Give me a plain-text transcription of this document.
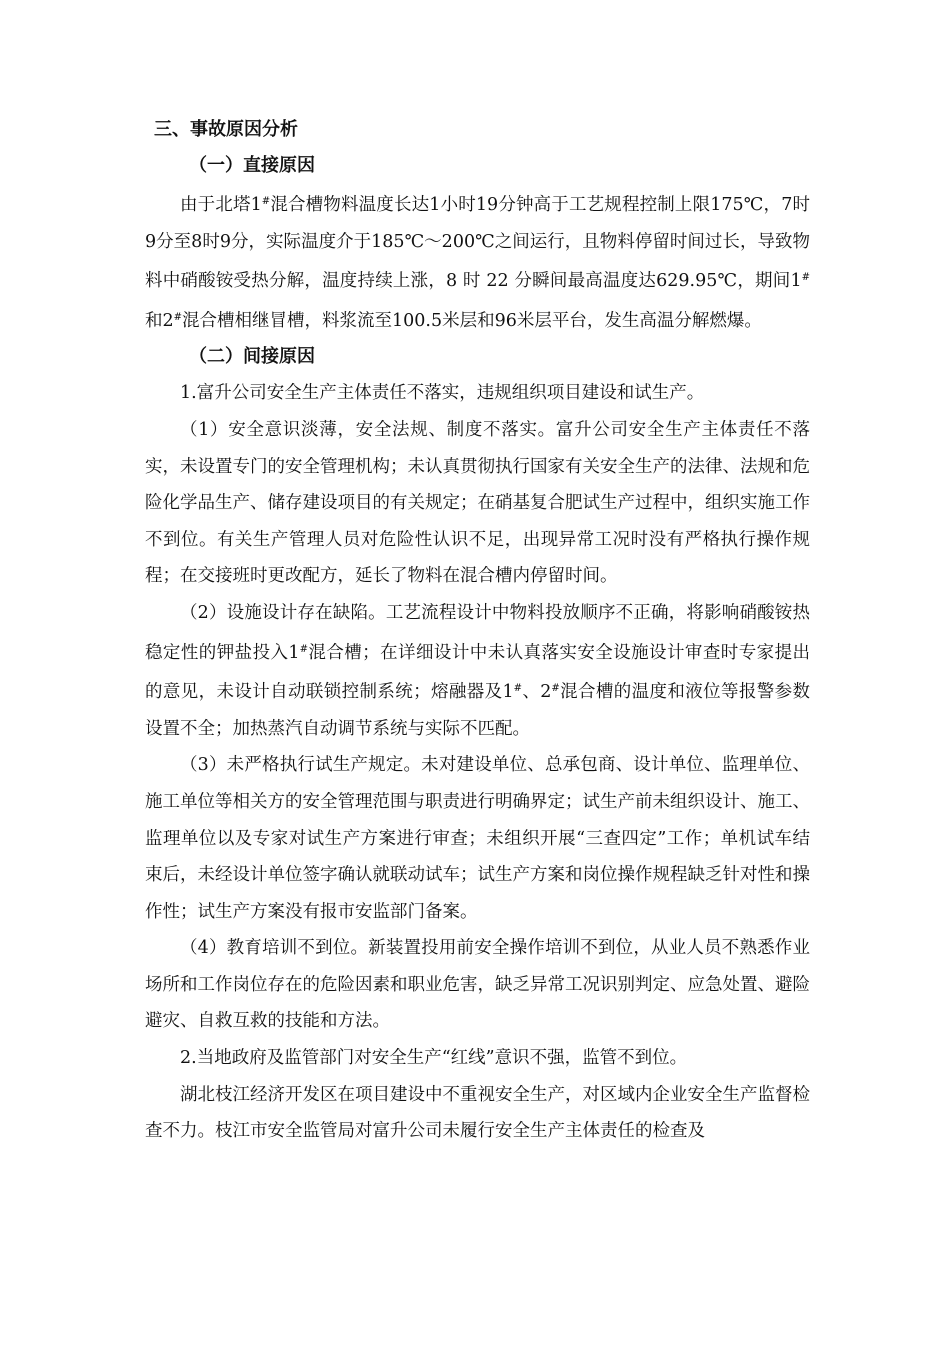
三、事故原因分析

（一）直接原因

由于北塔1#混合槽物料温度长达1小时19分钟高于工艺规程控制上限175℃，7时9分至8时9分，实际温度介于185℃～200℃之间运行，且物料停留时间过长，导致物料中硝酸铵受热分解，温度持续上涨，8 时 22 分瞬间最高温度达629.95℃，期间1#和2#混合槽相继冒槽，料浆流至100.5米层和96米层平台，发生高温分解燃爆。

（二）间接原因

1.富升公司安全生产主体责任不落实，违规组织项目建设和试生产。

（1）安全意识淡薄，安全法规、制度不落实。富升公司安全生产主体责任不落实，未设置专门的安全管理机构；未认真贯彻执行国家有关安全生产的法律、法规和危险化学品生产、储存建设项目的有关规定；在硝基复合肥试生产过程中，组织实施工作不到位。有关生产管理人员对危险性认识不足，出现异常工况时没有严格执行操作规程；在交接班时更改配方，延长了物料在混合槽内停留时间。

（2）设施设计存在缺陷。工艺流程设计中物料投放顺序不正确，将影响硝酸铵热稳定性的钾盐投入1#混合槽；在详细设计中未认真落实安全设施设计审查时专家提出的意见，未设计自动联锁控制系统；熔融器及1#、2#混合槽的温度和液位等报警参数设置不全；加热蒸汽自动调节系统与实际不匹配。

（3）未严格执行试生产规定。未对建设单位、总承包商、设计单位、监理单位、施工单位等相关方的安全管理范围与职责进行明确界定；试生产前未组织设计、施工、监理单位以及专家对试生产方案进行审查；未组织开展“三查四定”工作；单机试车结束后，未经设计单位签字确认就联动试车；试生产方案和岗位操作规程缺乏针对性和操作性；试生产方案没有报市安监部门备案。

（4）教育培训不到位。新装置投用前安全操作培训不到位，从业人员不熟悉作业场所和工作岗位存在的危险因素和职业危害，缺乏异常工况识别判定、应急处置、避险避灾、自救互救的技能和方法。

2.当地政府及监管部门对安全生产“红线”意识不强，监管不到位。

湖北枝江经济开发区在项目建设中不重视安全生产，对区域内企业安全生产监督检查不力。枝江市安全监管局对富升公司未履行安全生产主体责任的检查及
